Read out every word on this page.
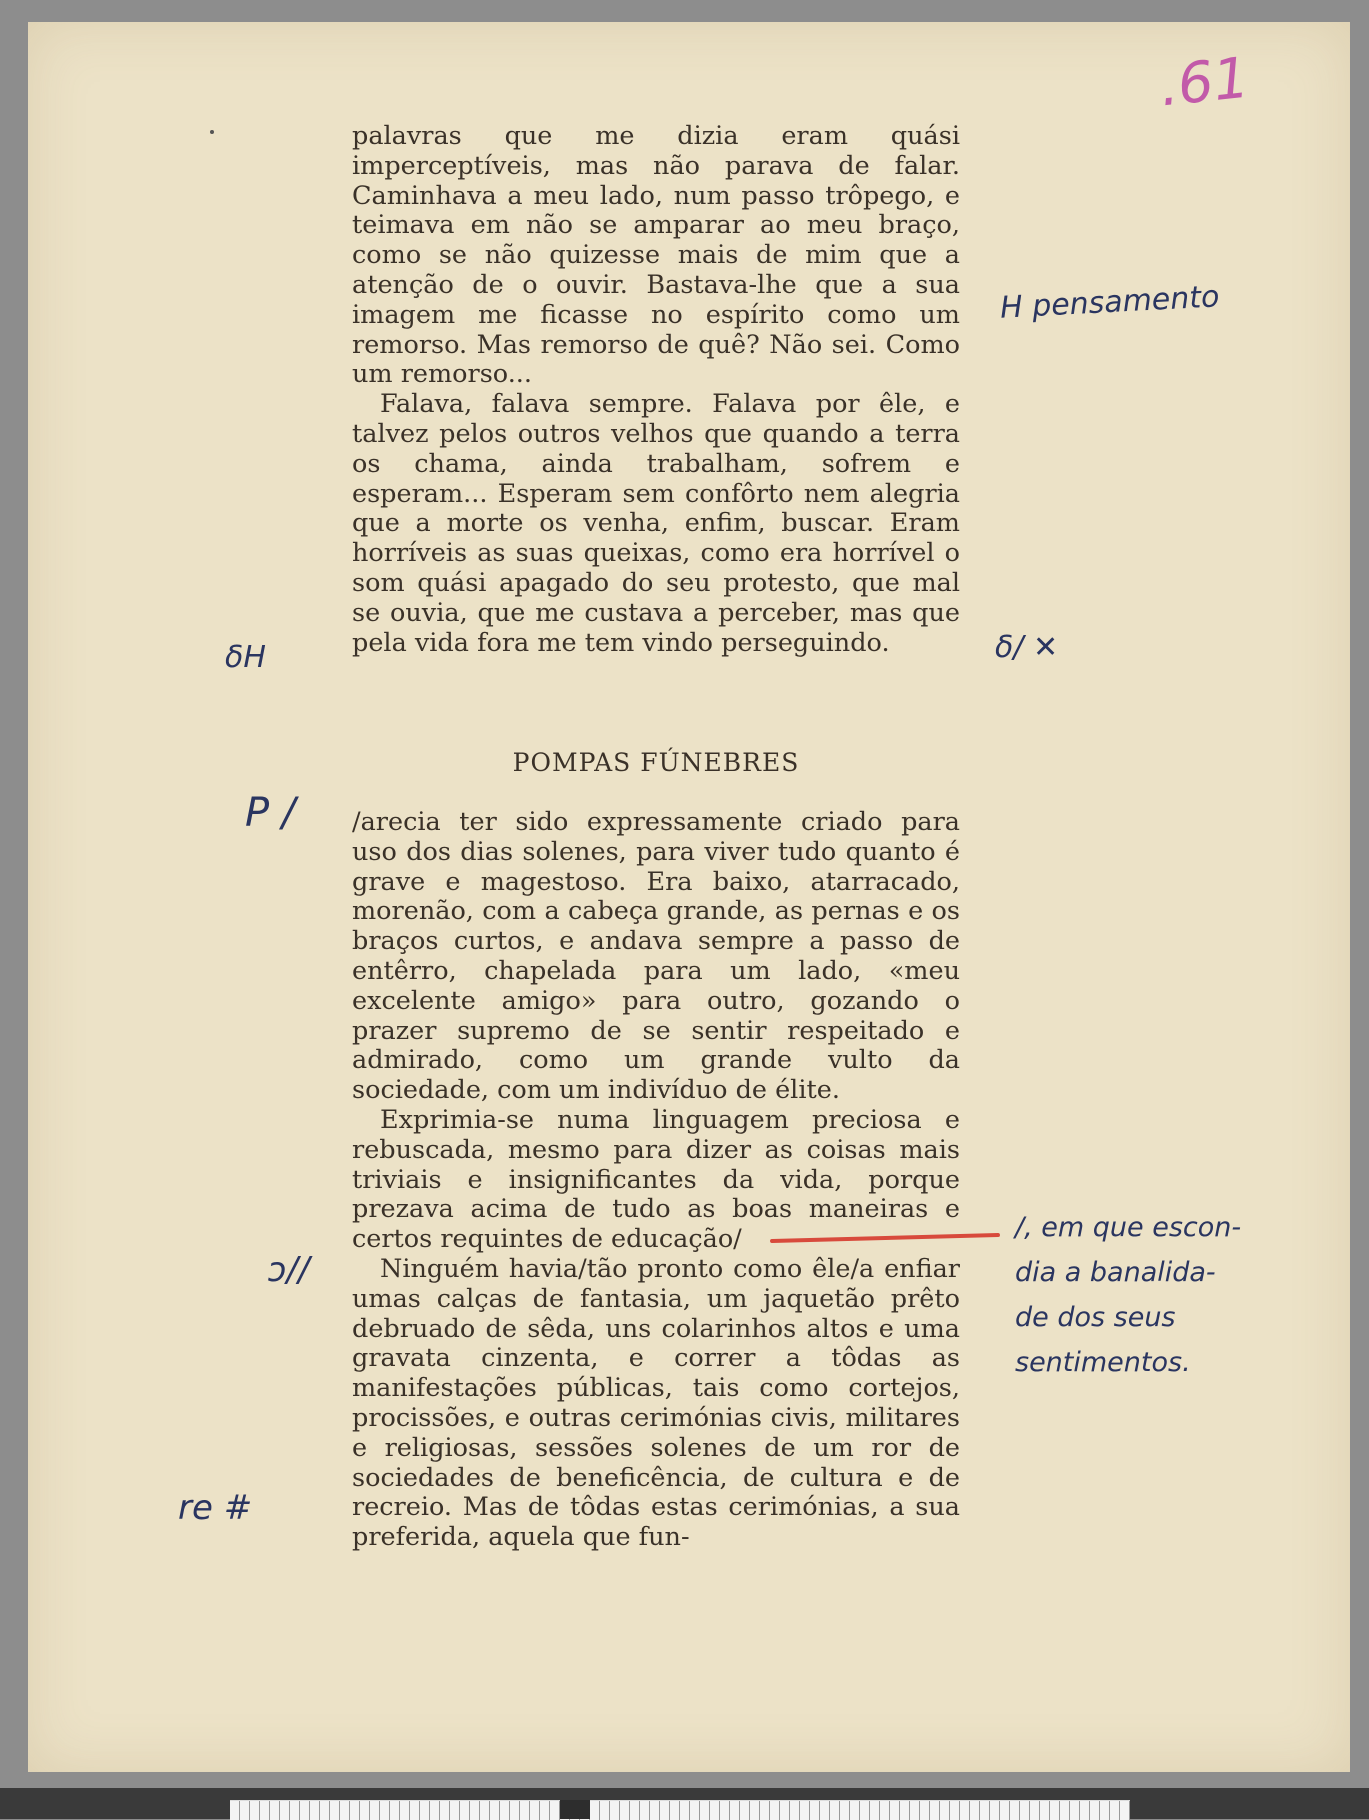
.61

palavras que me dizia eram quási imperceptíveis, mas não parava de falar. Caminhava a meu lado, num passo trôpego, e teimava em não se amparar ao meu braço, como se não quizesse mais de mim que a atenção de o ouvir. Bastava-lhe que a sua imagem me ficasse no espírito como um remorso. Mas remorso de quê? Não sei. Como um remorso...

Falava, falava sempre. Falava por êle, e talvez pelos outros velhos que quando a terra os chama, ainda trabalham, sofrem e esperam... Esperam sem confôrto nem alegria que a morte os venha, enfim, buscar. Eram horríveis as suas queixas, como era horrível o som quási apagado do seu protesto, que mal se ouvia, que me custava a perceber, mas que pela vida fora me tem vindo perseguindo.

POMPAS FÚNEBRES

/arecia ter sido expressamente criado para uso dos dias solenes, para viver tudo quanto é grave e magestoso. Era baixo, atarracado, morenão, com a cabeça grande, as pernas e os braços curtos, e andava sempre a passo de entêrro, chapelada para um lado, «meu excelente amigo» para outro, gozando o prazer supremo de se sentir respeitado e admirado, como um grande vulto da sociedade, com um indivíduo de élite.

Exprimia-se numa linguagem preciosa e rebuscada, mesmo para dizer as coisas mais triviais e insignificantes da vida, porque prezava acima de tudo as boas maneiras e certos requintes de educação/

Ninguém havia/tão pronto como êle/a enfiar umas calças de fantasia, um jaquetão prêto debruado de sêda, uns colarinhos altos e uma gravata cinzenta, e correr a tôdas as manifestações públicas, tais como cortejos, procissões, e outras cerimónias civis, militares e religiosas, sessões solenes de um ror de sociedades de beneficência, de cultura e de recreio. Mas de tôdas estas cerimónias, a sua preferida, aquela que fun-

H pensamento
δH	δ/ ✕
P /
ↄ//
re #
/, em que escon-
dia a banalida-
de dos seus
sentimentos.
